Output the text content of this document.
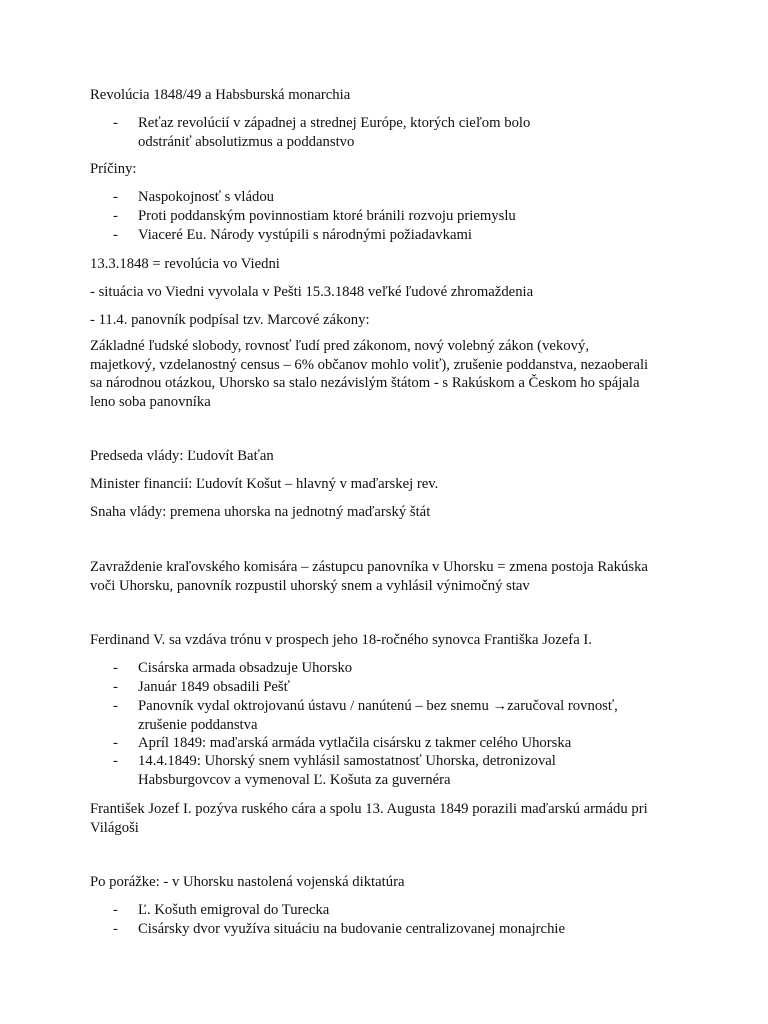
Revolúcia 1848/49 a Habsburská monarchia
- Reťaz revolúcií v západnej a strednej Európe, ktorých cieľom bolo odstrániť absolutizmus a poddanstvo
Príčiny:
- Naspokojnosť s vládou
- Proti poddanským povinnostiam ktoré bránili rozvoju priemyslu
- Viaceré Eu. Národy vystúpili s národnými požiadavkami
13.3.1848 = revolúcia vo Viedni
- situácia vo Viedni vyvolala v Pešti 15.3.1848 veľké ľudové zhromaždenia
- 11.4. panovník podpísal tzv. Marcové zákony:
Základné ľudské slobody, rovnosť ľudí pred zákonom, nový volebný zákon (vekový, majetkový, vzdelanostný census – 6% občanov mohlo voliť), zrušenie poddanstva, nezaoberali sa národnou otázkou, Uhorsko sa stalo nezávislým štátom - s Rakúskom a Českom ho spájala leno soba panovníka
Predseda vlády: Ľudovít Baťan
Minister financií: Ľudovít Košut – hlavný v maďarskej rev.
Snaha vlády: premena uhorska na jednotný maďarský štát
Zavraždenie kraľovského komisára – zástupcu panovníka v Uhorsku = zmena postoja Rakúska voči Uhorsku, panovník rozpustil uhorský snem a vyhlásil výnimočný stav
Ferdinand V. sa vzdáva trónu v prospech jeho 18-ročného synovca Františka Jozefa I.
- Cisárska armada obsadzuje Uhorsko
- Január 1849 obsadili Pešť
- Panovník vydal oktrojovanú ústavu / nanútenú – bez snemu →zaručoval rovnosť, zrušenie poddanstva
- Apríl 1849: maďarská armáda vytlačila cisársku z takmer celého Uhorska
- 14.4.1849: Uhorský snem vyhlásil samostatnosť Uhorska, detronizoval Habsburgovcov a vymenoval Ľ. Košuta za guvernéra
František Jozef I. pozýva ruského cára a spolu 13. Augusta 1849 porazili maďarskú armádu pri Világoši
Po porážke: - v Uhorsku nastolená vojenská diktatúra
- Ľ. Košuth emigroval do Turecka
- Cisársky dvor využíva situáciu na budovanie centralizovanej monajrchie
